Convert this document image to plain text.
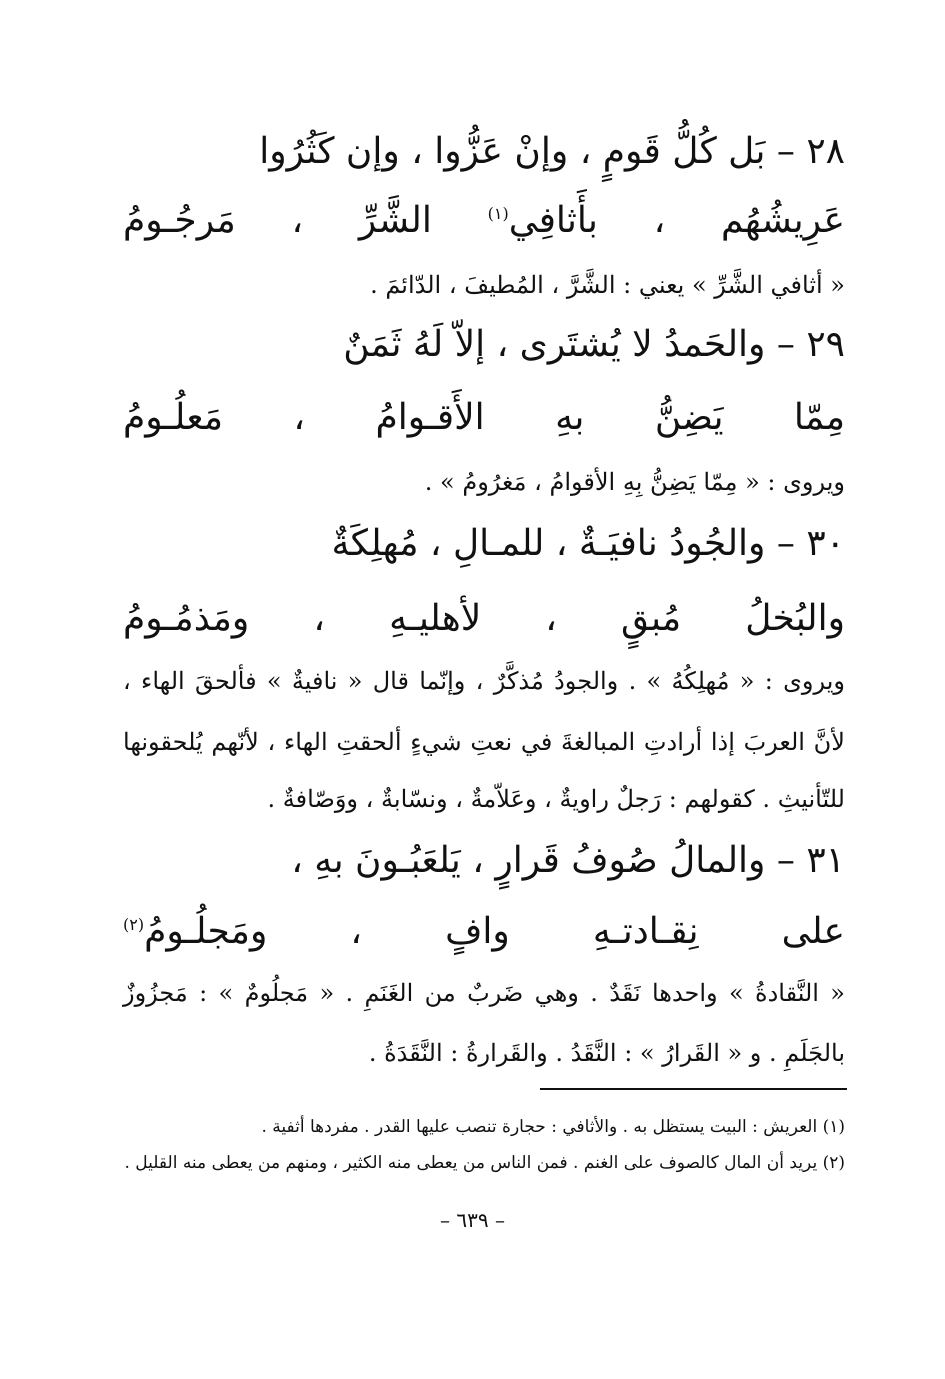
٢٨ – بَل كُلُّ قَومٍ ، وإنْ عَزُّوا ، وإن كَثُرُوا
عَرِيشُهُم ، بأَثافِي$^{(١)}$ الشَّرِّ ، مَرجُـومُ
« أثافي الشَّرِّ » يعني : الشَّرَّ ، المُطيفَ ، الدّائمَ .
٢٩ – والحَمدُ لا يُشتَرى ، إلاّ لَهُ ثَمَنٌ
مِمّا يَضِنُّ بهِ الأَقـوامُ ، مَعلُـومُ
ويروى : « مِمّا يَضِنُّ بِهِ الأقوامُ ، مَغرُومُ » .
٣٠ – والجُودُ نافيَـةٌ ، للمـالِ ، مُهلِكَةٌ
والبُخلُ مُبقٍ ، لأهليـهِ ، ومَذمُـومُ
ويروى : « مُهلِكُهُ » . والجودُ مُذكَّرٌ ، وإنّما قال « نافيةٌ » فألحقَ الهاء ،
لأنَّ العربَ إذا أرادتِ المبالغةَ في نعتِ شيءٍ ألحقتِ الهاء ، لأنّهم يُلحقونها
للتّأنيثِ . كقولهم : رَجلٌ راويةٌ ، وعَلاّمةٌ ، ونسّابةٌ ، ووَصّافةٌ .
٣١ – والمالُ صُوفُ قَرارٍ ، يَلعَبُـونَ بهِ ،
على نِقـادتـهِ وافٍ ، ومَجلُـومُ$^{(٢)}$
« النَّقادةُ » واحدها نَقَدٌ . وهي ضَربٌ من الغَنَمِ . « مَجلُومٌ » : مَجزُوزٌ
بالجَلَمِ . و « القَرارُ » : النَّقَدُ . والقَرارةُ : النَّقَدَةُ .
(١) العريش : البيت يستظل به . والأثافي : حجارة تنصب عليها القدر . مفردها أثفية .
(٢) يريد أن المال كالصوف على الغنم . فمن الناس من يعطى منه الكثير ، ومنهم من يعطى منه القليل .
– ٦٣٩ –
